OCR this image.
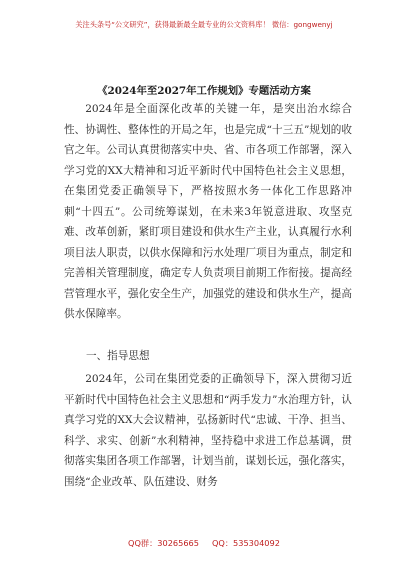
关注头条号“公文研究”，获得最新最全最专业的公文资料库！ 微信：gongwenyj
《2024年至2027年工作规划》专题活动方案
2024年是全面深化改革的关键一年，是突出治水综合性、协调性、整体性的开局之年，也是完成“十三五”规划的收官之年。公司认真贯彻落实中央、省、市各项工作部署，深入学习党的XX大精神和习近平新时代中国特色社会主义思想，在集团党委正确领导下，严格按照水务一体化工作思路冲刺“十四五”。公司统筹谋划，在未来3年锐意进取、攻坚克难、改革创新，紧盯项目建设和供水生产主业，认真履行水利项目法人职责，以供水保障和污水处理厂项目为重点，制定和完善相关管理制度，确定专人负责项目前期工作衔接。提高经营管理水平，强化安全生产，加强党的建设和供水生产，提高供水保障率。
一、指导思想
2024年，公司在集团党委的正确领导下，深入贯彻习近平新时代中国特色社会主义思想和“两手发力”水治理方针，认真学习党的XX大会议精神，弘扬新时代“忠诚、干净、担当、科学、求实、创新”水利精神，坚持稳中求进工作总基调，贯彻落实集团各项工作部署，计划当前，谋划长远，强化落实，围绕“企业改革、队伍建设、财务
QQ群：30265665     QQ：535304092
